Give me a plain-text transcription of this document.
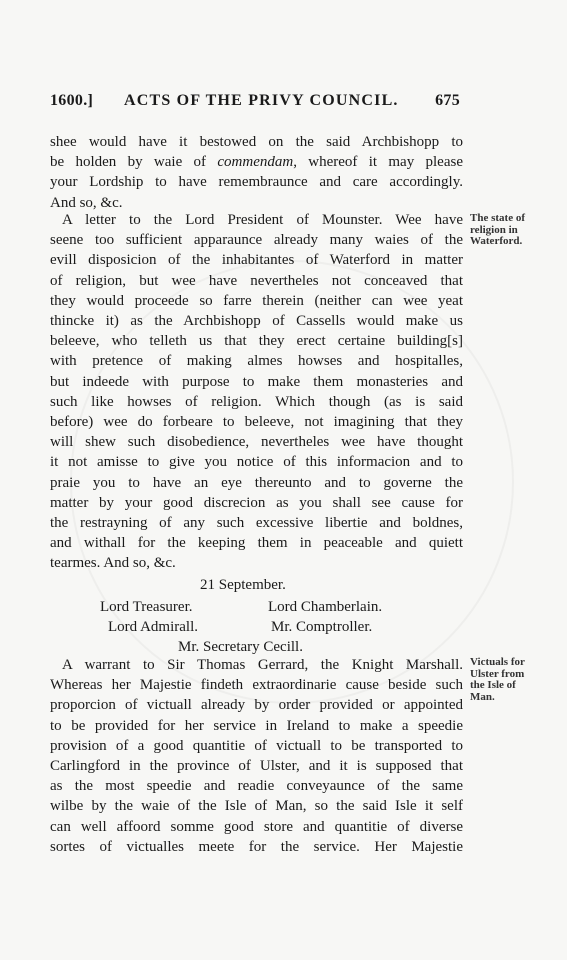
1600.] ACTS OF THE PRIVY COUNCIL. 675
shee would have it bestowed on the said Archbishopp to
be holden by waie of commendam, whereof it may please
your Lordship to have remembraunce and care accordingly.
And so, &c.
A letter to the Lord President of Mounster. Wee have
seene too sufficient apparaunce already many waies of the
evill disposicion of the inhabitantes of Waterford in matter
of religion, but wee have nevertheles not conceaved that
they would proceede so farre therein (neither can wee yeat
thincke it) as the Archbishopp of Cassells would make us
beleeve, who telleth us that they erect certaine building[s]
with pretence of making almes howses and hospitalles,
but indeede with purpose to make them monasteries and
such like howses of religion. Which though (as is said
before) wee do forbeare to beleeve, not imagining that they
will shew such disobedience, nevertheles wee have thought
it not amisse to give you notice of this informacion and to
praie you to have an eye thereunto and to governe the
matter by your good discrecion as you shall see cause for
the restrayning of any such excessive libertie and boldnes,
and withall for the keeping them in peaceable and quiett
tearmes. And so, &c.
The state of
religion in
Waterford.
21 September.
Lord Treasurer.	Lord Chamberlain.
Lord Admirall.	Mr. Comptroller.
Mr. Secretary Cecill.
A warrant to Sir Thomas Gerrard, the Knight Marshall.
Whereas her Majestie findeth extraordinarie cause beside such
proporcion of victuall already by order provided or appointed
to be provided for her service in Ireland to make a speedie
provision of a good quantitie of victuall to be transported to
Carlingford in the province of Ulster, and it is supposed that
as the most speedie and readie conveyaunce of the same
wilbe by the waie of the Isle of Man, so the said Isle it self
can well affoord somme good store and quantitie of diverse
sortes of victualles meete for the service. Her Majestie
Victuals for
Ulster from
the Isle of
Man.
